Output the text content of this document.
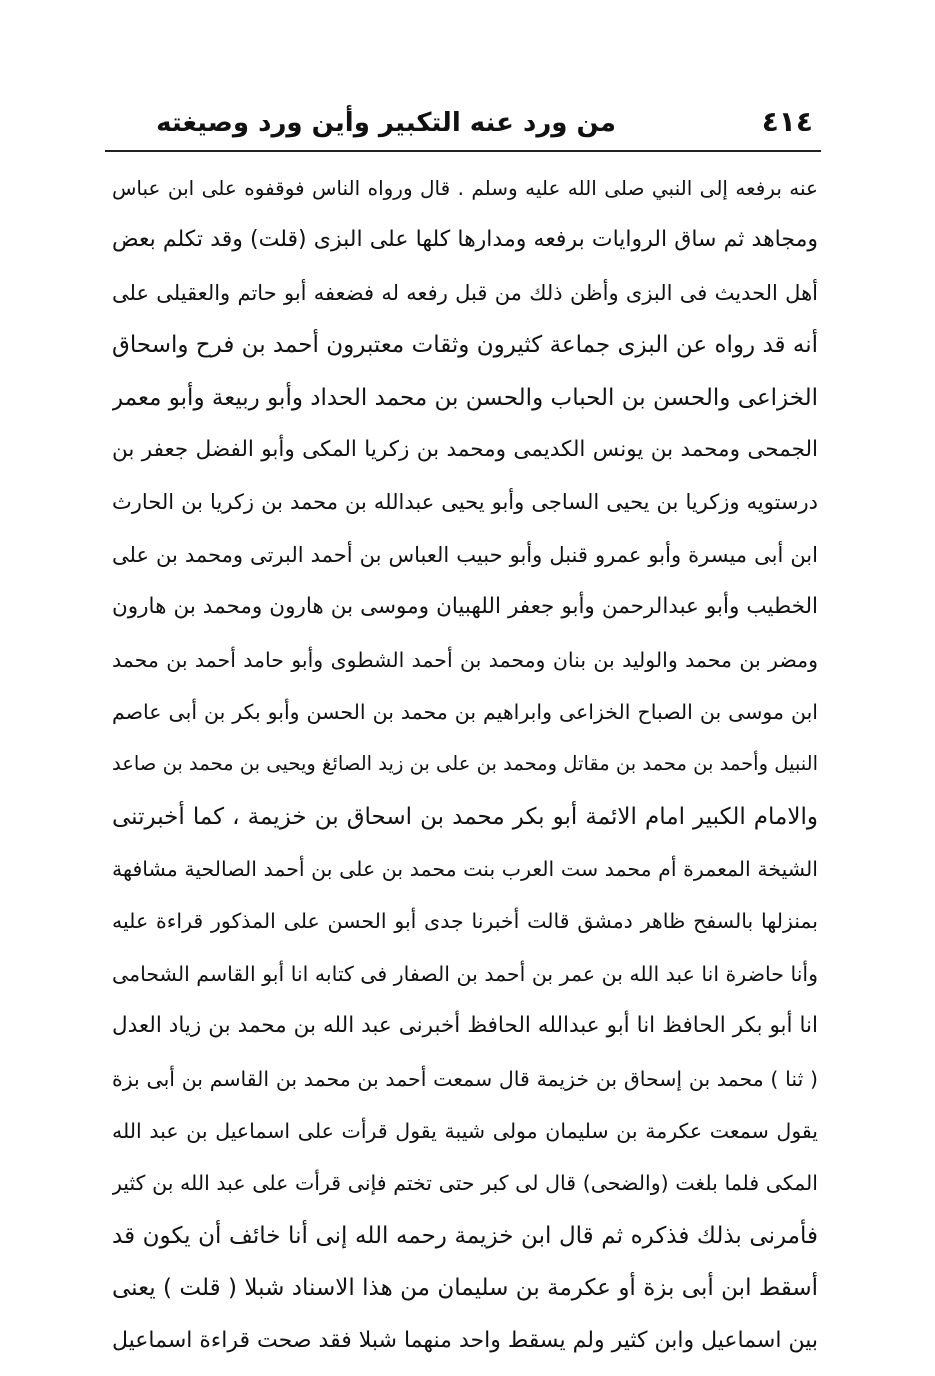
٤١٤
من ورد عنه التكبير وأين ورد وصيغته
عنه برفعه إلى النبي صلى الله عليه وسلم . قال ورواه الناس فوقفوه على ابن عباس
ومجاهد ثم ساق الروايات برفعه ومدارها كلها على البزى (قلت) وقد تكلم بعض
أهل الحديث فى البزى وأظن ذلك من قبل رفعه له فضعفه أبو حاتم والعقيلى على
أنه قد رواه عن البزى جماعة كثيرون وثقات معتبرون أحمد بن فرح واسحاق
الخزاعى والحسن بن الحباب والحسن بن محمد الحداد وأبو ربيعة وأبو معمر
الجمحى ومحمد بن يونس الكديمى ومحمد بن زكريا المكى وأبو الفضل جعفر بن
درستويه وزكريا بن يحيى الساجى وأبو يحيى عبدالله بن محمد بن زكريا بن الحارث
ابن أبى ميسرة وأبو عمرو قنبل وأبو حبيب العباس بن أحمد البرتى ومحمد بن على
الخطيب وأبو عبدالرحمن وأبو جعفر اللهبيان وموسى بن هارون ومحمد بن هارون
ومضر بن محمد والوليد بن بنان ومحمد بن أحمد الشطوى وأبو حامد أحمد بن محمد
ابن موسى بن الصباح الخزاعى وابراهيم بن محمد بن الحسن وأبو بكر بن أبى عاصم
النبيل وأحمد بن محمد بن مقاتل ومحمد بن على بن زيد الصائغ ويحيى بن محمد بن صاعد
والامام الكبير امام الائمة أبو بكر محمد بن اسحاق بن خزيمة ، كما أخبرتنى
الشيخة المعمرة أم محمد ست العرب بنت محمد بن على بن أحمد الصالحية مشافهة
بمنزلها بالسفح ظاهر دمشق قالت أخبرنا جدى أبو الحسن على المذكور قراءة عليه
وأنا حاضرة انا عبد الله بن عمر بن أحمد بن الصفار فى كتابه انا أبو القاسم الشحامى
انا أبو بكر الحافظ انا أبو عبدالله الحافظ أخبرنى عبد الله بن محمد بن زياد العدل
( ثنا ) محمد بن إسحاق بن خزيمة قال سمعت أحمد بن محمد بن القاسم بن أبى بزة
يقول سمعت عكرمة بن سليمان مولى شيبة يقول قرأت على اسماعيل بن عبد الله
المكى فلما بلغت (والضحى) قال لى كبر حتى تختم فإنى قرأت على عبد الله بن كثير
فأمرنى بذلك فذكره ثم قال ابن خزيمة رحمه الله إنى أنا خائف أن يكون قد
أسقط ابن أبى بزة أو عكرمة بن سليمان من هذا الاسناد شبلا ( قلت ) يعنى
بين اسماعيل وابن كثير ولم يسقط واحد منهما شبلا فقد صحت قراءة اسماعيل
